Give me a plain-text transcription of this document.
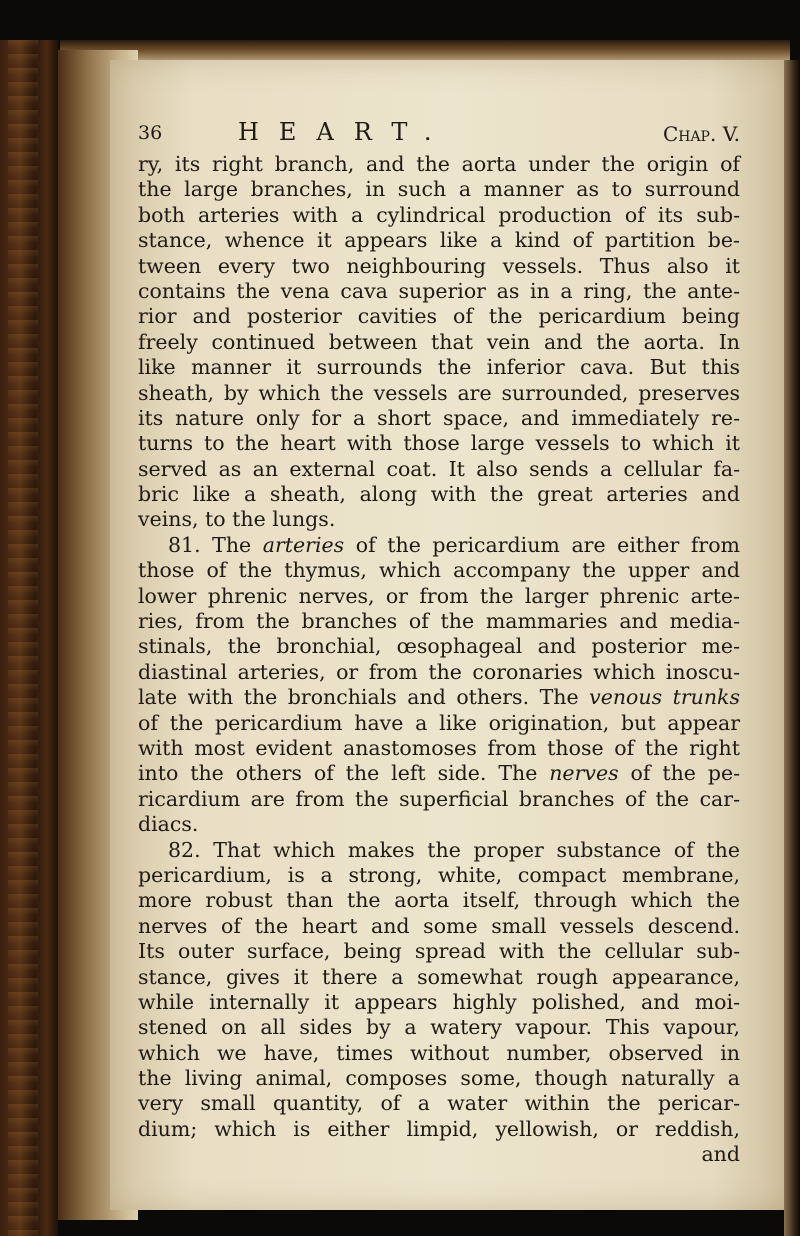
36	HEART.	Chap. V.
ry, its right branch, and the aorta under the origin of
the large branches, in such a manner as to surround
both arteries with a cylindrical production of its sub-
stance, whence it appears like a kind of partition be-
tween every two neighbouring vessels. Thus also it
contains the vena cava superior as in a ring, the ante-
rior and posterior cavities of the pericardium being
freely continued between that vein and the aorta. In
like manner it surrounds the inferior cava. But this
sheath, by which the vessels are surrounded, preserves
its nature only for a short space, and immediately re-
turns to the heart with those large vessels to which it
served as an external coat. It also sends a cellular fa-
bric like a sheath, along with the great arteries and
veins, to the lungs.
81. The arteries of the pericardium are either from
those of the thymus, which accompany the upper and
lower phrenic nerves, or from the larger phrenic arte-
ries, from the branches of the mammaries and media-
stinals, the bronchial, œsophageal and posterior me-
diastinal arteries, or from the coronaries which inoscu-
late with the bronchials and others. The venous trunks
of the pericardium have a like origination, but appear
with most evident anastomoses from those of the right
into the others of the left side. The nerves of the pe-
ricardium are from the superficial branches of the car-
diacs.
82. That which makes the proper substance of the
pericardium, is a strong, white, compact membrane,
more robust than the aorta itself, through which the
nerves of the heart and some small vessels descend.
Its outer surface, being spread with the cellular sub-
stance, gives it there a somewhat rough appearance,
while internally it appears highly polished, and moi-
stened on all sides by a watery vapour. This vapour,
which we have, times without number, observed in
the living animal, composes some, though naturally a
very small quantity, of a water within the pericar-
dium; which is either limpid, yellowish, or reddish,
and
